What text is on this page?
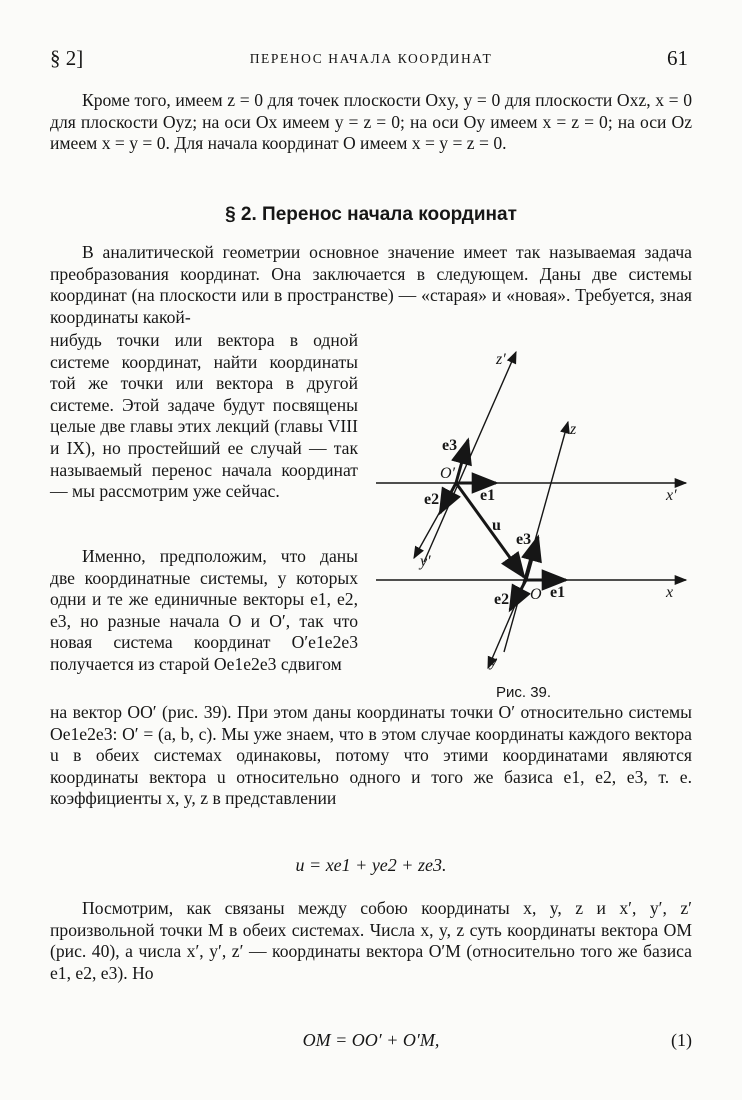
§ 2]	ПЕРЕНОС НАЧАЛА КООРДИНАТ	61
Кроме того, имеем z = 0 для точек плоскости Oxy, y = 0 для плоскости Oxz, x = 0 для плоскости Oyz; на оси Ox имеем y = z = 0; на оси Oy имеем x = z = 0; на оси Oz имеем x = y = 0. Для начала координат O имеем x = y = z = 0.
§ 2. Перенос начала координат
В аналитической геометрии основное значение имеет так называемая задача преобразования координат. Она заключается в следующем. Даны две системы координат (на плоскости или в пространстве) — «старая» и «новая». Требуется, зная координаты какой-
нибудь точки или вектора в одной системе координат, найти координаты той же точки или вектора в другой системе. Этой задаче будут посвящены целые две главы этих лекций (главы VIII и IX), но простейший ее случай — так называемый перенос начала координат — мы рассмотрим уже сейчас.
Именно, предположим, что даны две координатные системы, у которых одни и те же единичные векторы e1, e2, e3, но разные начала O и O′, так что новая система координат O′e1e2e3 получается из старой Oe1e2e3 сдвигом
z′
z
x′
x
y′
y
O′
O
e3
e1
e2
u
e3
e1
e2
Рис. 39.
на вектор OO′ (рис. 39). При этом даны координаты точки O′ относительно системы Oe1e2e3: O′ = (a, b, c). Мы уже знаем, что в этом случае координаты каждого вектора u в обеих системах одинаковы, потому что этими координатами являются координаты вектора u относительно одного и того же базиса e1, e2, e3, т. е. коэффициенты x, y, z в представлении
u = xe1 + ye2 + ze3.
Посмотрим, как связаны между собою координаты x, y, z и x′, y′, z′ произвольной точки M в обеих системах. Числа x, y, z суть координаты вектора OM (рис. 40), а числа x′, y′, z′ — координаты вектора O′M (относительно того же базиса e1, e2, e3). Но
OM = OO′ + O′M,	(1)
